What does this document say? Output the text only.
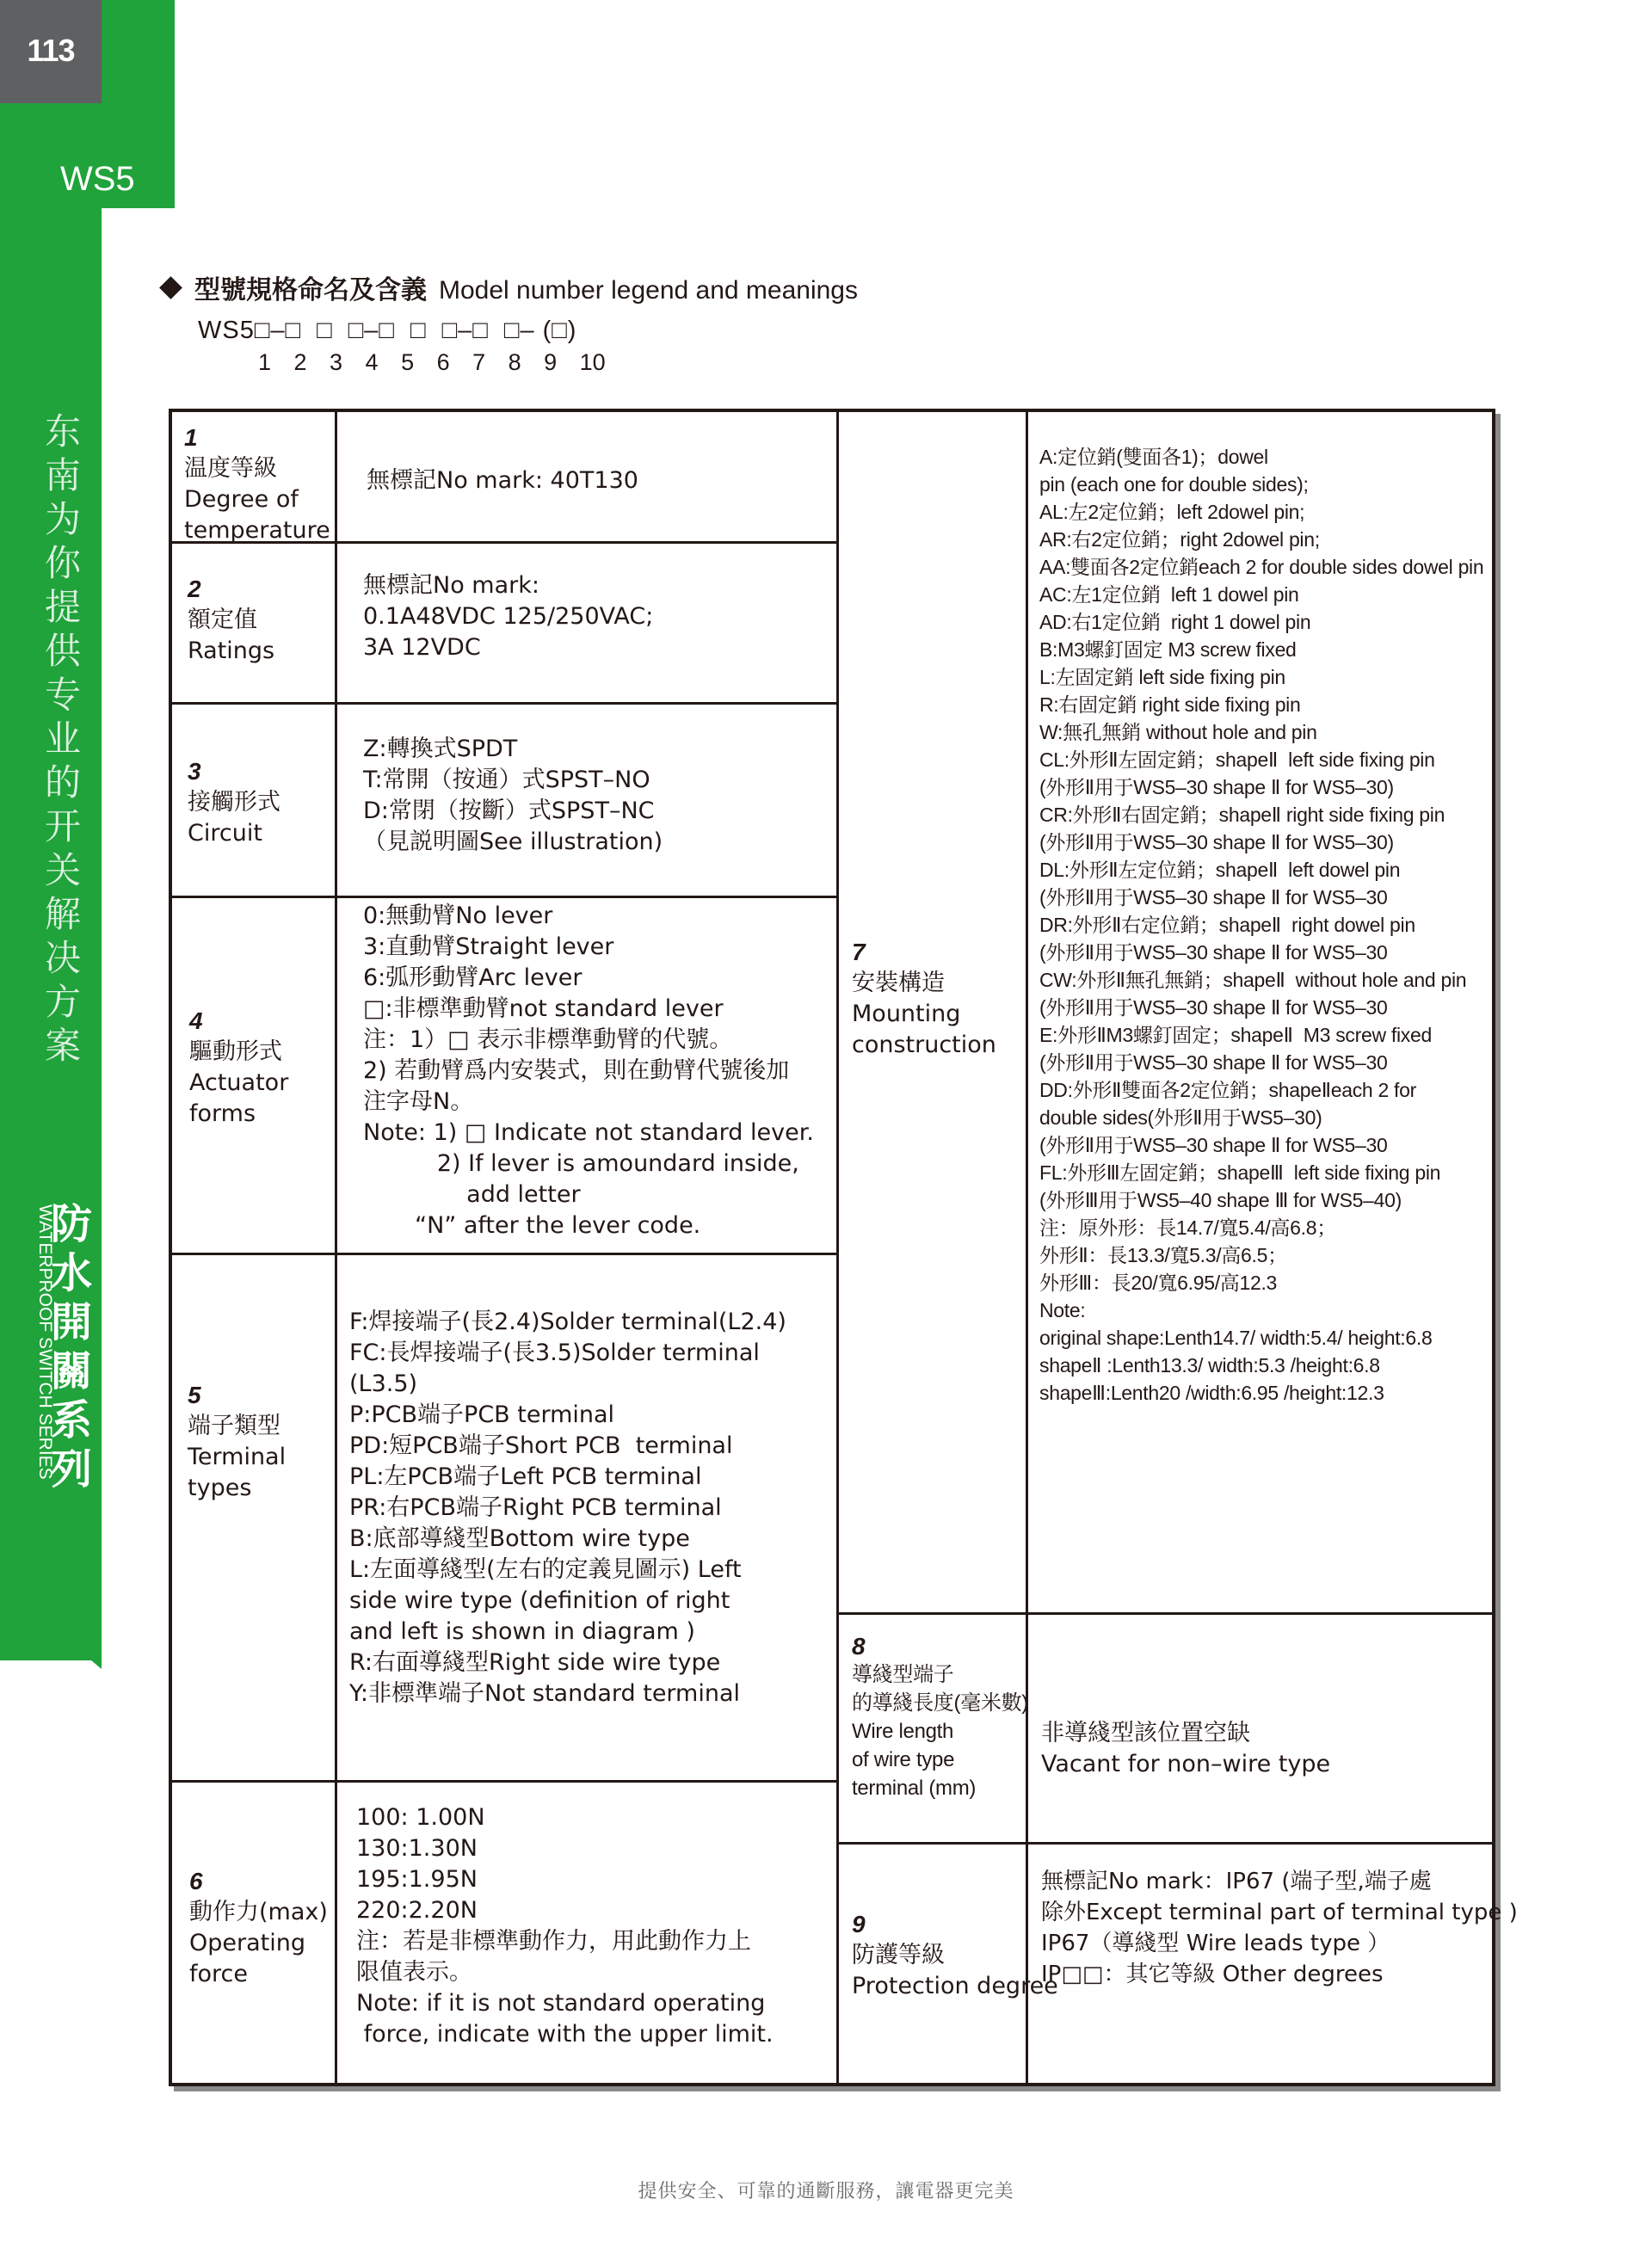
113
WS5
东南为你提供专业的开关解决方案
防水開關系列
WATERPROOF SWITCH SERIES
型號規格命名及含義 Model number legend and meanings
WS5□–□  □  □–□  □  □–□  □– (□)
1 2 3 4 5 6 7 8 9 10
1
温度等級
Degree of
temperature
無標記No mark: 40T130
2
額定值
Ratings
無標記No mark:
0.1A48VDC 125/250VAC;
3A 12VDC
3
接觸形式
Circuit
Z:轉換式SPDT
T:常開（按通）式SPST–NO
D:常閉（按斷）式SPST–NC
（見説明圖See illustration)
4
驅動形式
Actuator
forms
0:無動臂No lever
3:直動臂Straight lever
6:弧形動臂Arc lever
□:非標準動臂not standard lever
注：1）□ 表示非標準動臂的代號。
2) 若動臂爲内安裝式，則在動臂代號後加
注字母N。
Note: 1) □ Indicate not standard lever.
2) If lever is amoundard inside,
add letter
“N” after the lever code.
5
端子類型
Terminal
types
F:焊接端子(長2.4)Solder terminal(L2.4)
FC:長焊接端子(長3.5)Solder terminal
(L3.5)
P:PCB端子PCB terminal
PD:短PCB端子Short PCB  terminal
PL:左PCB端子Left PCB terminal
PR:右PCB端子Right PCB terminal
B:底部導綫型Bottom wire type
L:左面導綫型(左右的定義見圖示) Left
side wire type (definition of right
and left is shown in diagram )
R:右面導綫型Right side wire type
Y:非標準端子Not standard terminal
6
動作力(max)
Operating
force
100: 1.00N
130:1.30N
195:1.95N
220:2.20N
注：若是非標準動作力，用此動作力上
限值表示。
Note: if it is not standard operating
force, indicate with the upper limit.
7
安裝構造
Mounting
construction
A:定位銷(雙面各1)；dowel
pin (each one for double sides);
AL:左2定位銷；left 2dowel pin;
AR:右2定位銷；right 2dowel pin;
AA:雙面各2定位銷each 2 for double sides dowel pin
AC:左1定位銷  left 1 dowel pin
AD:右1定位銷  right 1 dowel pin
B:M3螺釘固定 M3 screw fixed
L:左固定銷 left side fixing pin
R:右固定銷 right side fixing pin
W:無孔無銷 without hole and pin
CL:外形Ⅱ左固定銷；shapeⅡ  left side fixing pin
(外形Ⅱ用于WS5–30 shape Ⅱ for WS5–30)
CR:外形Ⅱ右固定銷；shapeⅡ right side fixing pin
(外形Ⅱ用于WS5–30 shape Ⅱ for WS5–30)
DL:外形Ⅱ左定位銷；shapeⅡ  left dowel pin
(外形Ⅱ用于WS5–30 shape Ⅱ for WS5–30
DR:外形Ⅱ右定位銷；shapeⅡ  right dowel pin
(外形Ⅱ用于WS5–30 shape Ⅱ for WS5–30
CW:外形Ⅱ無孔無銷；shapeⅡ  without hole and pin
(外形Ⅱ用于WS5–30 shape Ⅱ for WS5–30
E:外形ⅡM3螺釘固定；shapeⅡ  M3 screw fixed
(外形Ⅱ用于WS5–30 shape Ⅱ for WS5–30
DD:外形Ⅱ雙面各2定位銷；shapeⅡeach 2 for
double sides(外形Ⅱ用于WS5–30)
(外形Ⅱ用于WS5–30 shape Ⅱ for WS5–30
FL:外形Ⅲ左固定銷；shapeⅢ  left side fixing pin
(外形Ⅲ用于WS5–40 shape Ⅲ for WS5–40)
注：原外形：長14.7/寬5.4/高6.8；
外形Ⅱ：長13.3/寬5.3/高6.5；
外形Ⅲ：長20/寬6.95/高12.3
Note:
original shape:Lenth14.7/ width:5.4/ height:6.8
shapeⅡ :Lenth13.3/ width:5.3 /height:6.8
shapeⅢ:Lenth20 /width:6.95 /height:12.3
8
導綫型端子
的導綫長度(毫米數)
Wire length
of wire type
terminal (mm)
非導綫型該位置空缺
Vacant for non–wire type
9
防護等級
Protection degree
無標記No mark：IP67 (端子型,端子處
除外Except terminal part of terminal type )
IP67（導綫型 Wire leads type ）
IP□□：其它等級 Other degrees
提供安全、可靠的通斷服務，讓電器更完美
